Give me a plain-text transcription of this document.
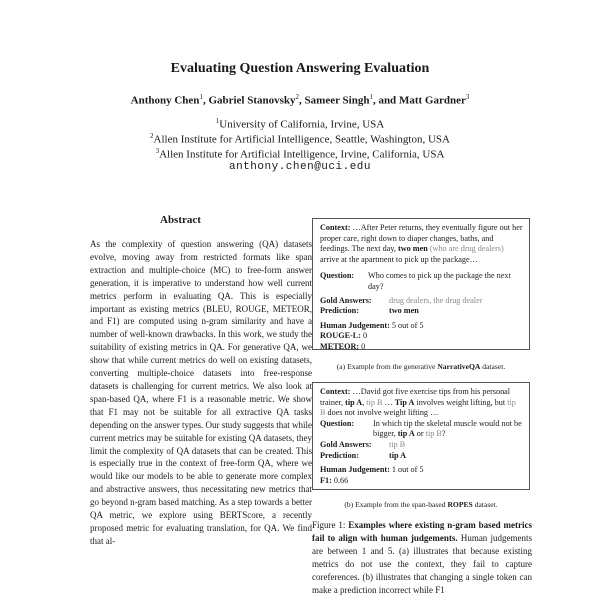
Evaluating Question Answering Evaluation
Anthony Chen$^1$, Gabriel Stanovsky$^2$, Sameer Singh$^1$, and Matt Gardner$^3$
$^1$University of California, Irvine, USA
$^2$Allen Institute for Artificial Intelligence, Seattle, Washington, USA
$^3$Allen Institute for Artificial Intelligence, Irvine, California, USA
anthony.chen@uci.edu
Abstract

As the complexity of question answering (QA) datasets evolve, moving away from restricted formats like span extraction and multiple-choice (MC) to free-form answer generation, it is imperative to understand how well current metrics perform in evaluating QA. This is especially important as existing metrics (BLEU, ROUGE, METEOR, and F1) are computed using n-gram similarity and have a number of well-known drawbacks. In this work, we study the suitability of existing metrics in QA. For generative QA, we show that while current metrics do well on existing datasets, converting multiple-choice datasets into free-response datasets is challenging for current metrics. We also look at span-based QA, where F1 is a reasonable metric. We show that F1 may not be suitable for all extractive QA tasks depending on the answer types. Our study suggests that while current metrics may be suitable for existing QA datasets, they limit the complexity of QA datasets that can be created. This is especially true in the context of free-form QA, where we would like our models to be able to generate more complex and abstractive answers, thus necessitating new metrics that go beyond n-gram based matching. As a step towards a better QA metric, we explore using BERTScore, a recently proposed metric for evaluating translation, for QA. We find that al-

Context: …After Peter returns, they eventually figure out her proper care, right down to diaper changes, baths, and feedings. The next day, two men (who are drug dealers) arrive at the apartment to pick up the package…
Question:	Who comes to pick up the package the next day?
Gold Answers:	drug dealers, the drug dealer
Prediction:	two men
Human Judgement: 5 out of 5
ROUGE-L: 0
METEOR: 0
(a) Example from the generative NarrativeQA dataset.
Context: …David got five exercise tips from his personal trainer, tip A, tip B … Tip A involves weight lifting, but tip B does not involve weight lifting …
Question:	In which tip the skeletal muscle would not be bigger, tip A or tip B?
Gold Answers:	tip B
Prediction:	tip A
Human Judgement: 1 out of 5
F1: 0.66
(b) Example from the span-based ROPES dataset.
Figure 1: Examples where existing n-gram based metrics fail to align with human judgements. Human judgements are between 1 and 5. (a) illustrates that because existing metrics do not use the context, they fail to capture coreferences. (b) illustrates that changing a single token can make a prediction incorrect while F1
